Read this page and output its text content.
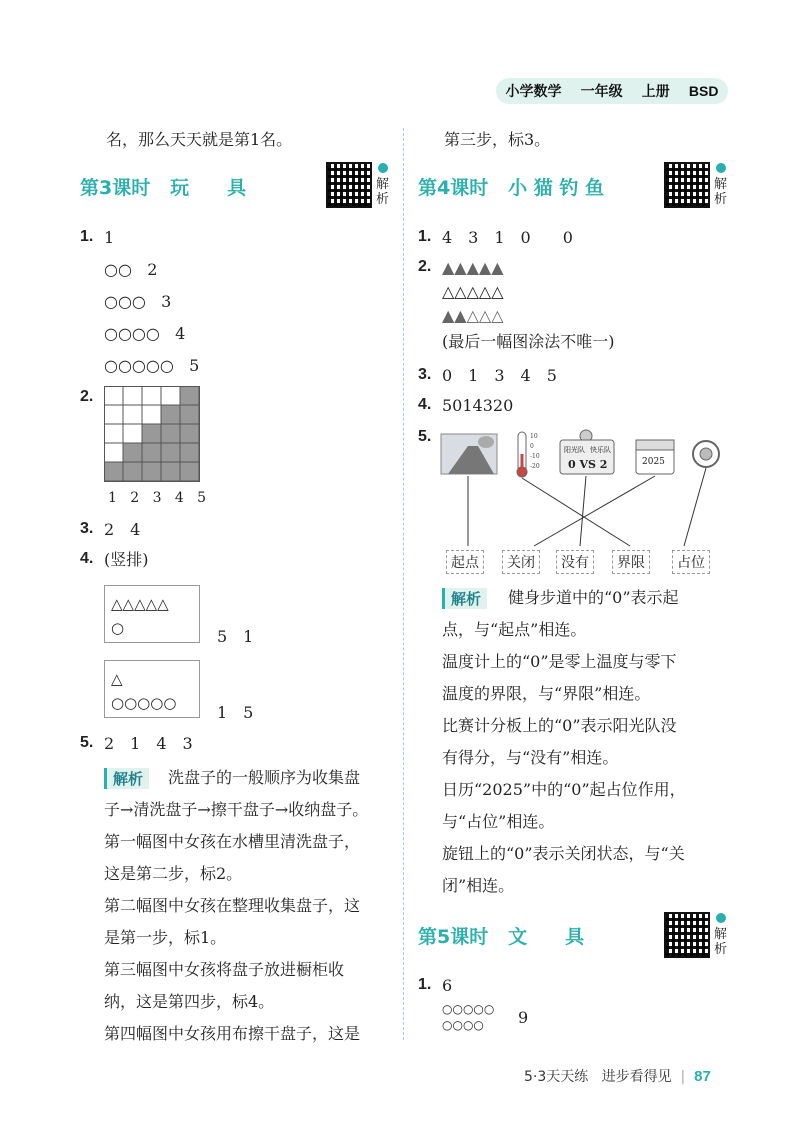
小学数学 一年级 上册 BSD
名，那么天天就是第1名。
第3课时 玩　　具	解析
1. 1
○○ 2
○○○ 3
○○○○ 4
○○○○○ 5
2.
1 2 3 4 5
3. 2　4
4. (竖排)
△△△△△
○	5　1
△
○○○○○	1　5
5. 2　1　4　3
解析	洗盘子的一般顺序为收集盘
子→清洗盘子→擦干盘子→收纳盘子。
第一幅图中女孩在水槽里清洗盘子，
这是第二步，标2。
第二幅图中女孩在整理收集盘子，这
是第一步，标1。
第三幅图中女孩将盘子放进橱柜收
纳，这是第四步，标4。
第四幅图中女孩用布擦干盘子，这是
第三步，标3。
第4课时 小 猫 钓 鱼	解析
1. 4　3　1　0　　0
2. ▲▲▲▲▲
△△△△△
▲▲△△△
(最后一幅图涂法不唯一)
3. 0　1　3　4　5
4. 5014320
5.	10
0
-10
-20
阳光队 快乐队
0 VS 2	2025
起点	关闭	没有	界限	占位
解析	健身步道中的“0”表示起
点，与“起点”相连。
温度计上的“0”是零上温度与零下
温度的界限，与“界限”相连。
比赛计分板上的“0”表示阳光队没
有得分，与“没有”相连。
日历“2025”中的“0”起占位作用，
与“占位”相连。
旋钮上的“0”表示关闭状态，与“关
闭”相连。
第5课时 文　　具	解析
1. 6
○○○○○
○○○○ 9
5·3天天练 进步看得见  |  87
